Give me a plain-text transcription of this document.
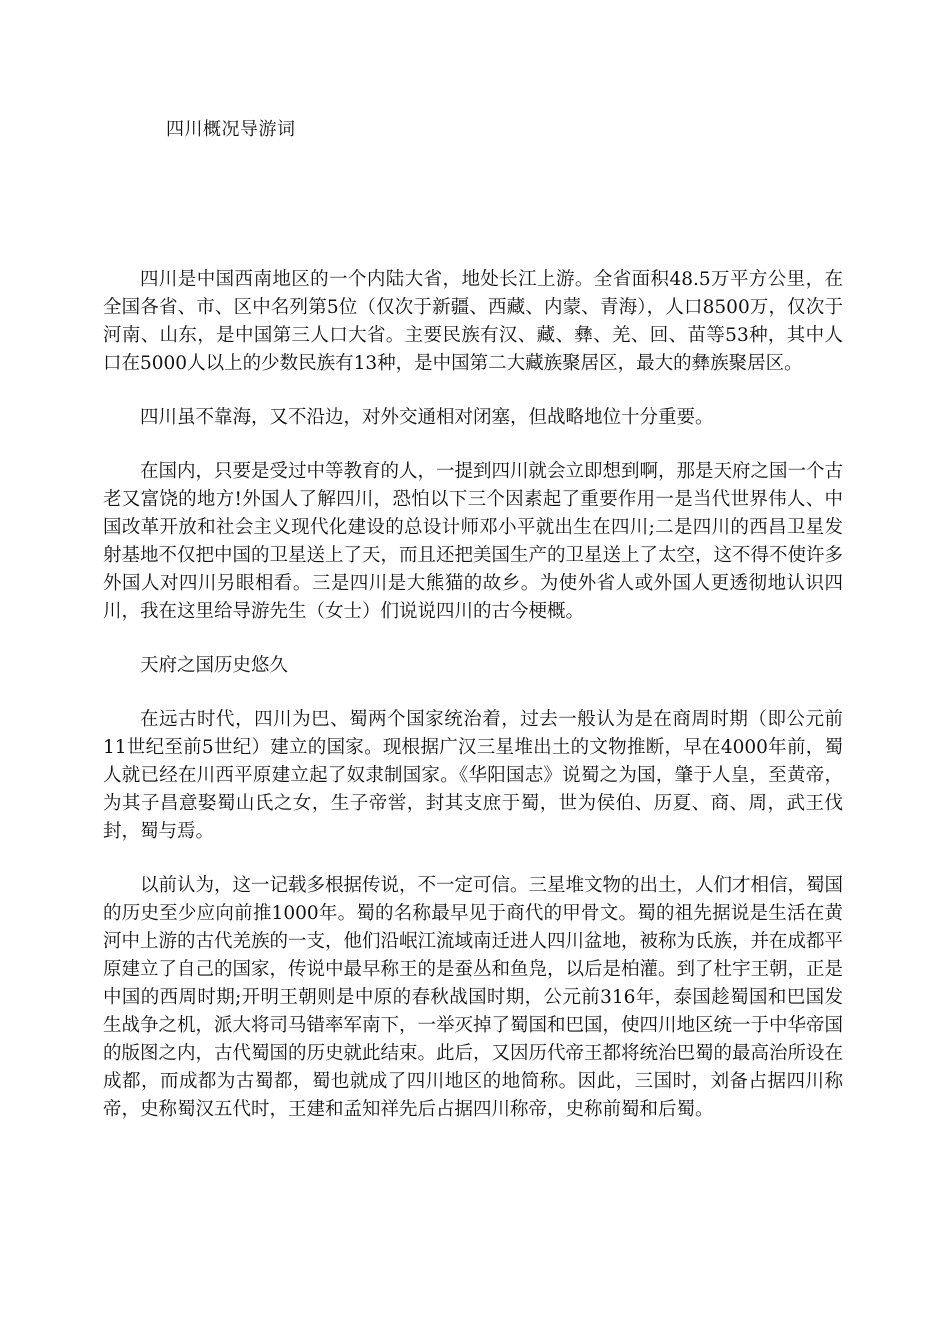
四川概况导游词

四川是中国西南地区的一个内陆大省，地处长江上游。全省面积48.5万平方公里，在全国各省、市、区中名列第5位（仅次于新疆、西藏、内蒙、青海），人口8500万，仅次于河南、山东，是中国第三人口大省。主要民族有汉、藏、彝、羌、回、苗等53种，其中人口在5000人以上的少数民族有13种，是中国第二大藏族聚居区，最大的彝族聚居区。

四川虽不靠海，又不沿边，对外交通相对闭塞，但战略地位十分重要。

在国内，只要是受过中等教育的人，一提到四川就会立即想到啊，那是天府之国一个古老又富饶的地方!外国人了解四川，恐怕以下三个因素起了重要作用一是当代世界伟人、中国改革开放和社会主义现代化建设的总设计师邓小平就出生在四川;二是四川的西昌卫星发射基地不仅把中国的卫星送上了天，而且还把美国生产的卫星送上了太空，这不得不使许多外国人对四川另眼相看。三是四川是大熊猫的故乡。为使外省人或外国人更透彻地认识四川，我在这里给导游先生（女士）们说说四川的古今梗概。

天府之国历史悠久

在远古时代，四川为巴、蜀两个国家统治着，过去一般认为是在商周时期（即公元前11世纪至前5世纪）建立的国家。现根据广汉三星堆出土的文物推断，早在4000年前，蜀人就已经在川西平原建立起了奴隶制国家。《华阳国志》说蜀之为国，肇于人皇，至黄帝，为其子昌意娶蜀山氏之女，生子帝喾，封其支庶于蜀，世为侯伯、历夏、商、周，武王伐封，蜀与焉。

以前认为，这一记载多根据传说，不一定可信。三星堆文物的出土，人们才相信，蜀国的历史至少应向前推1000年。蜀的名称最早见于商代的甲骨文。蜀的祖先据说是生活在黄河中上游的古代羌族的一支，他们沿岷江流域南迁进人四川盆地，被称为氐族，并在成都平原建立了自己的国家，传说中最早称王的是蚕丛和鱼凫，以后是柏灌。到了杜宇王朝，正是中国的西周时期;开明王朝则是中原的春秋战国时期，公元前316年，泰国趁蜀国和巴国发生战争之机，派大将司马错率军南下，一举灭掉了蜀国和巴国，使四川地区统一于中华帝国的版图之内，古代蜀国的历史就此结束。此后，又因历代帝王都将统治巴蜀的最高治所设在成都，而成都为古蜀都，蜀也就成了四川地区的地简称。因此，三国时，刘备占据四川称帝，史称蜀汉五代时，王建和孟知祥先后占据四川称帝，史称前蜀和后蜀。
